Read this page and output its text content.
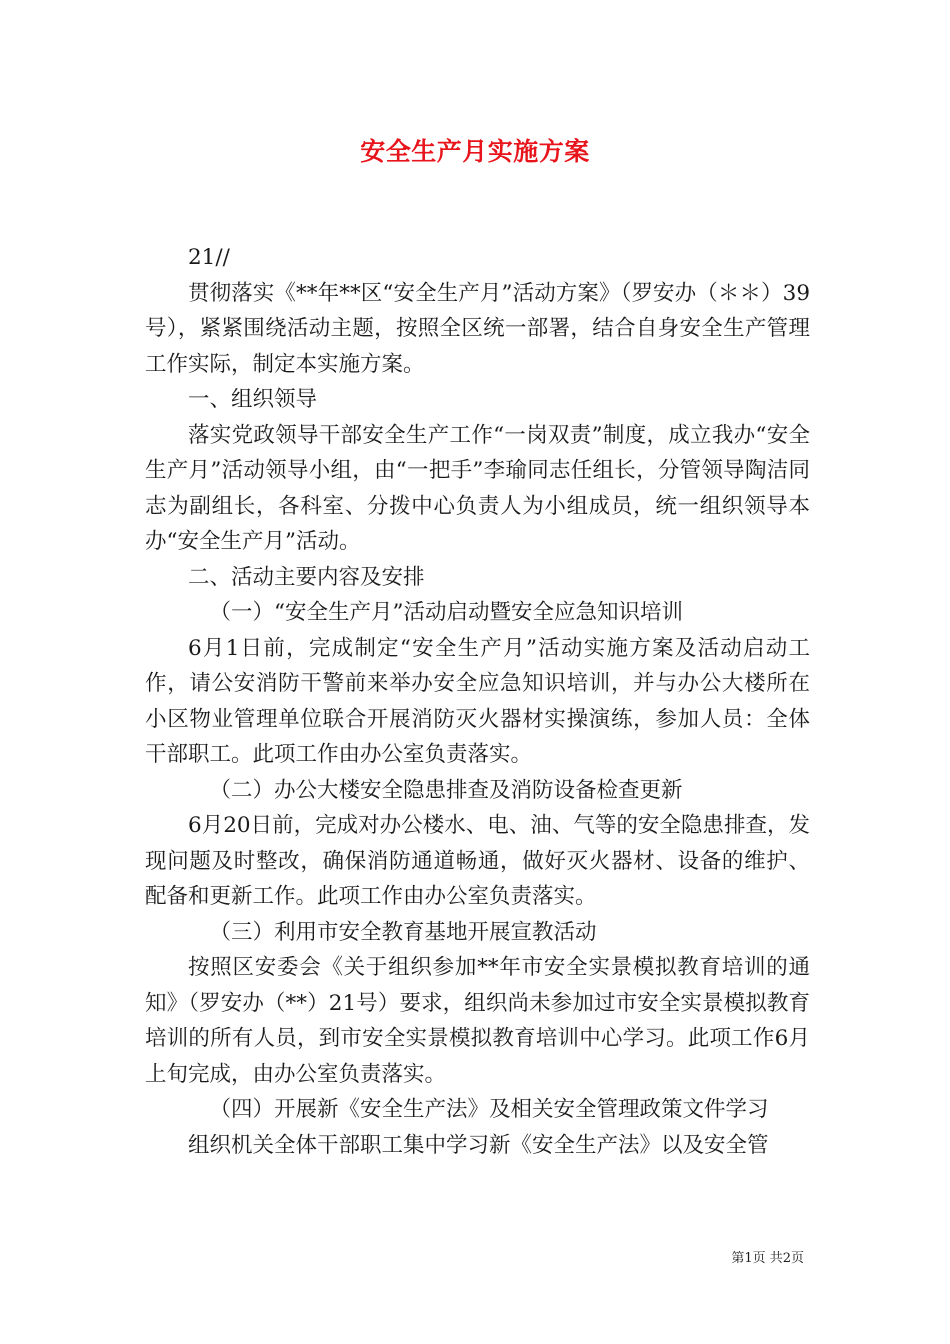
安全生产月实施方案

21//

贯彻落实《**年**区“安全生产月”活动方案》（罗安办（＊＊）39号），紧紧围绕活动主题，按照全区统一部署，结合自身安全生产管理工作实际，制定本实施方案。

一、组织领导

落实党政领导干部安全生产工作“一岗双责”制度，成立我办“安全生产月”活动领导小组，由“一把手”李瑜同志任组长，分管领导陶洁同志为副组长，各科室、分拨中心负责人为小组成员，统一组织领导本办“安全生产月”活动。

二、活动主要内容及安排

（一）“安全生产月”活动启动暨安全应急知识培训

6月1日前，完成制定“安全生产月”活动实施方案及活动启动工作，请公安消防干警前来举办安全应急知识培训，并与办公大楼所在小区物业管理单位联合开展消防灭火器材实操演练，参加人员：全体干部职工。此项工作由办公室负责落实。

（二）办公大楼安全隐患排查及消防设备检查更新

6月20日前，完成对办公楼水、电、油、气等的安全隐患排查，发现问题及时整改，确保消防通道畅通，做好灭火器材、设备的维护、配备和更新工作。此项工作由办公室负责落实。

（三）利用市安全教育基地开展宣教活动

按照区安委会《关于组织参加**年市安全实景模拟教育培训的通知》（罗安办（**）21号）要求，组织尚未参加过市安全实景模拟教育培训的所有人员，到市安全实景模拟教育培训中心学习。此项工作6月上旬完成，由办公室负责落实。

（四）开展新《安全生产法》及相关安全管理政策文件学习

组织机关全体干部职工集中学习新《安全生产法》以及安全管

第1页 共2页
